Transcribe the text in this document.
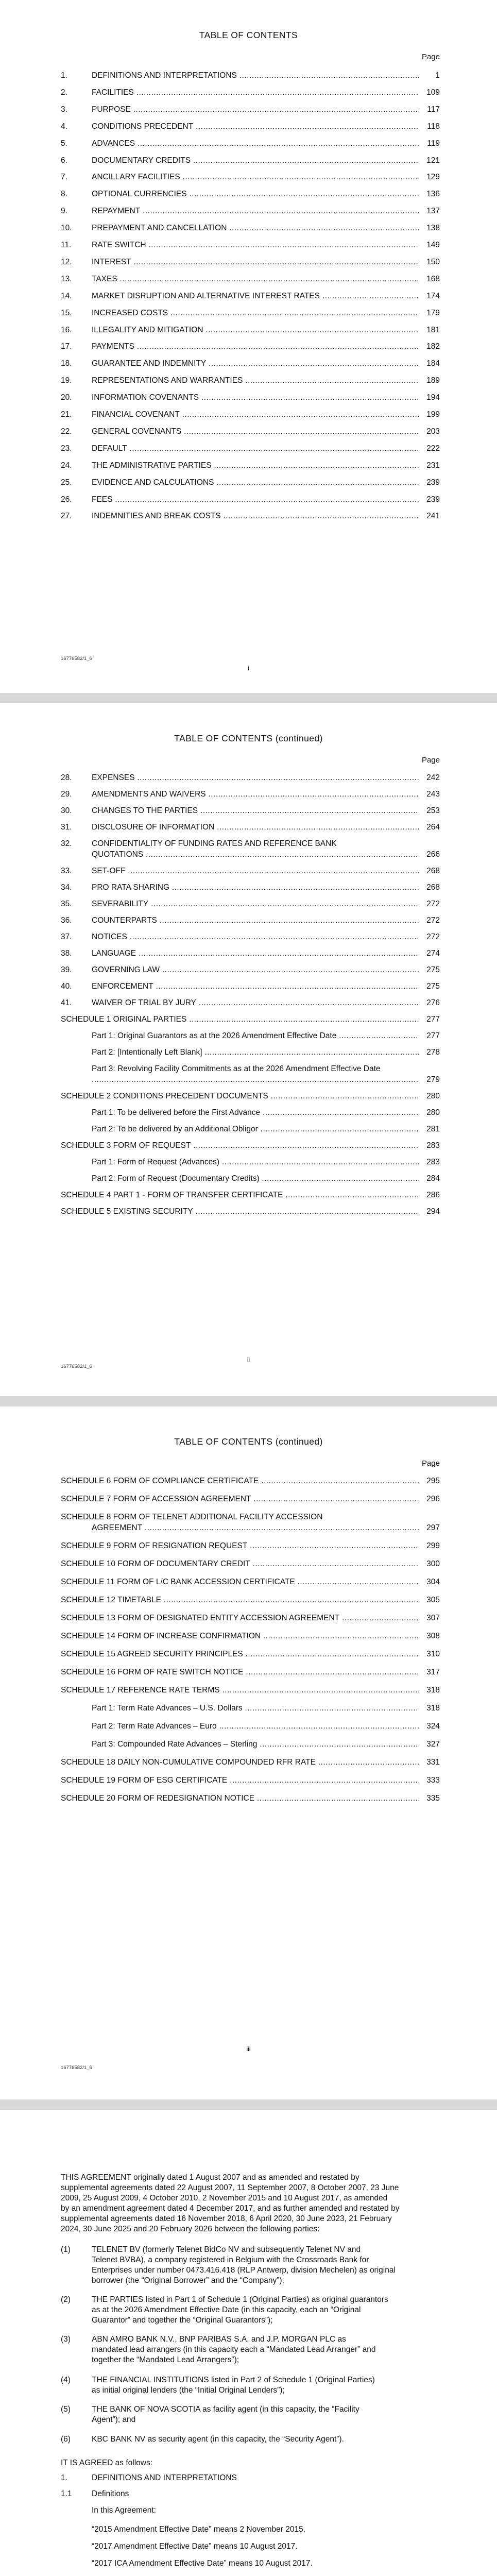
TABLE OF CONTENTS
Page
1.	DEFINITIONS AND INTERPRETATIONS .....	1
2.	FACILITIES .....	109
3.	PURPOSE .....	117
4.	CONDITIONS PRECEDENT .....	118
5.	ADVANCES .....	119
6.	DOCUMENTARY CREDITS .....	121
7.	ANCILLARY FACILITIES .....	129
8.	OPTIONAL CURRENCIES .....	136
9.	REPAYMENT .....	137
10. PREPAYMENT AND CANCELLATION .....	138
11.	RATE SWITCH .....	149
12. INTEREST .....	150
13. TAXES .....	168
14. MARKET DISRUPTION AND ALTERNATIVE INTEREST RATES .....	174
15. INCREASED COSTS .....	179
16. ILLEGALITY AND MITIGATION .....	181
17. PAYMENTS .....	182
18. GUARANTEE AND INDEMNITY .....	184
19. REPRESENTATIONS AND WARRANTIES .....	189
20. INFORMATION COVENANTS .....	194
21. FINANCIAL COVENANT .....	199
22. GENERAL COVENANTS .....	203
23. DEFAULT .....	222
24. THE ADMINISTRATIVE PARTIES .....	231
25. EVIDENCE AND CALCULATIONS .....	239
26. FEES .....	239
27. INDEMNITIES AND BREAK COSTS .....	241
16776582/1_6
i
TABLE OF CONTENTS (continued)
Page
28. EXPENSES .....	242
29. AMENDMENTS AND WAIVERS .....	243
30. CHANGES TO THE PARTIES .....	253
31. DISCLOSURE OF INFORMATION .....	264
32. CONFIDENTIALITY OF FUNDING RATES AND REFERENCE BANK
QUOTATIONS .....	266
33. SET-OFF .....	268
34. PRO RATA SHARING .....	268
35. SEVERABILITY .....	272
36. COUNTERPARTS .....	272
37. NOTICES .....	272
38. LANGUAGE .....	274
39. GOVERNING LAW .....	275
40. ENFORCEMENT .....	275
41. WAIVER OF TRIAL BY JURY .....	276
SCHEDULE 1 ORIGINAL PARTIES .....	277
Part 1: Original Guarantors as at the 2026 Amendment Effective Date .....	277
Part 2: [Intentionally Left Blank] .....	278
Part 3: Revolving Facility Commitments as at the 2026 Amendment Effective Date
.....
279
SCHEDULE 2 CONDITIONS PRECEDENT DOCUMENTS .....	280
Part 1: To be delivered before the First Advance .....	280
Part 2: To be delivered by an Additional Obligor .....	281
SCHEDULE 3 FORM OF REQUEST .....	283
Part 1: Form of Request (Advances) .....	283
Part 2: Form of Request (Documentary Credits) .....	284
SCHEDULE 4 PART 1 - FORM OF TRANSFER CERTIFICATE .....	286
SCHEDULE 5 EXISTING SECURITY .....	294
16776582/1_6
ii
TABLE OF CONTENTS (continued)
Page
SCHEDULE 6 FORM OF COMPLIANCE CERTIFICATE .....	295
SCHEDULE 7 FORM OF ACCESSION AGREEMENT .....	296
SCHEDULE 8 FORM OF TELENET ADDITIONAL FACILITY ACCESSION
AGREEMENT .....	297
SCHEDULE 9 FORM OF RESIGNATION REQUEST .....	299
SCHEDULE 10 FORM OF DOCUMENTARY CREDIT .....	300
SCHEDULE 11 FORM OF L/C BANK ACCESSION CERTIFICATE .....	304
SCHEDULE 12 TIMETABLE .....	305
SCHEDULE 13 FORM OF DESIGNATED ENTITY ACCESSION AGREEMENT .....	307
SCHEDULE 14 FORM OF INCREASE CONFIRMATION .....	308
SCHEDULE 15 AGREED SECURITY PRINCIPLES .....	310
SCHEDULE 16 FORM OF RATE SWITCH NOTICE .....	317
SCHEDULE 17 REFERENCE RATE TERMS .....	318
Part 1: Term Rate Advances – U.S. Dollars .....	318
Part 2: Term Rate Advances – Euro .....	324
Part 3: Compounded Rate Advances – Sterling .....	327
SCHEDULE 18 DAILY NON-CUMULATIVE COMPOUNDED RFR RATE .....	331
SCHEDULE 19 FORM OF ESG CERTIFICATE .....	333
SCHEDULE 20 FORM OF REDESIGNATION NOTICE .....	335
16776582/1_6
iii
THIS AGREEMENT originally dated 1 August 2007 and as amended and restated by
supplemental agreements dated 22 August 2007, 11 September 2007, 8 October 2007, 23 June
2009, 25 August 2009, 4 October 2010, 2 November 2015 and 10 August 2017, as amended
by an amendment agreement dated 4 December 2017, and as further amended and restated by
supplemental agreements dated 16 November 2018, 6 April 2020, 30 June 2023, 21 February
2024, 30 June 2025 and 20 February 2026 between the following parties:
(1)	TELENET BV (formerly Telenet BidCo NV and subsequently Telenet NV and
Telenet BVBA), a company registered in Belgium with the Crossroads Bank for
Enterprises under number 0473.416.418 (RLP Antwerp, division Mechelen) as original
borrower (the “Original Borrower” and the “Company”);
(2)	THE PARTIES listed in Part 1 of Schedule 1 (Original Parties) as original guarantors
as at the 2026 Amendment Effective Date (in this capacity, each an “Original
Guarantor” and together the “Original Guarantors”);
(3)	ABN AMRO BANK N.V., BNP PARIBAS S.A. and J.P. MORGAN PLC as
mandated lead arrangers (in this capacity each a “Mandated Lead Arranger” and
together the “Mandated Lead Arrangers”);
(4)	THE FINANCIAL INSTITUTIONS listed in Part 2 of Schedule 1 (Original Parties)
as initial original lenders (the “Initial Original Lenders”);
(5)	THE BANK OF NOVA SCOTIA as facility agent (in this capacity, the “Facility
Agent”); and
(6)	KBC BANK NV as security agent (in this capacity, the “Security Agent”).
IT IS AGREED as follows:
1.	DEFINITIONS AND INTERPRETATIONS
1.1 Definitions
In this Agreement:
“2015 Amendment Effective Date” means 2 November 2015.
“2017 Amendment Effective Date” means 10 August 2017.
“2017 ICA Amendment Effective Date” means 10 August 2017.
